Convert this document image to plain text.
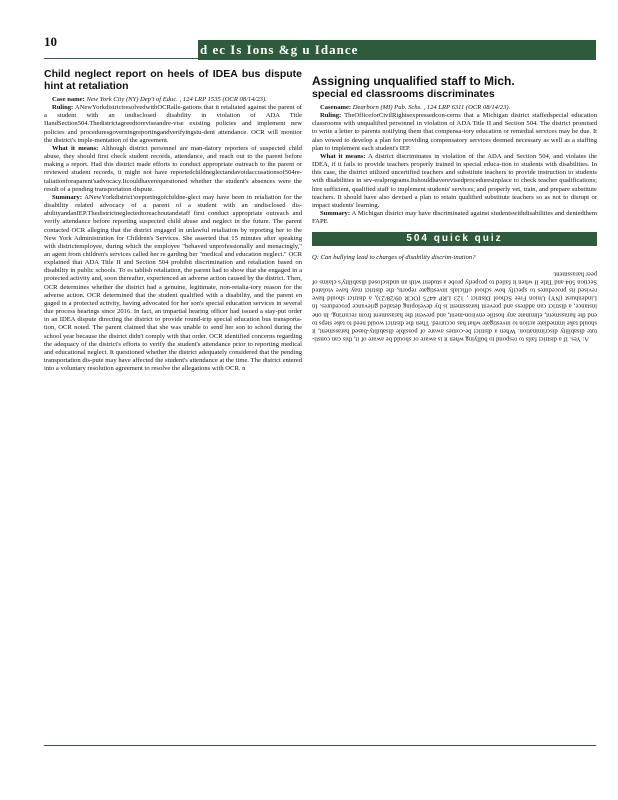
10
d ec Is Ions &g u Idance
Child neglect report on heels of IDEA bus dispute hint at retaliation

Case name: New York City (NY) Dep't of Educ. , 124 LRP 1535 (OCR 08/14/23).

Ruling: ANewYorkdistrictresolvedwithOCRalle-gations that it retaliated against the parent of a student with an undisclosed disability in violation of ADA Title IIandSection504.Thedistrictagreedtoreviseandre-vise existing policies and implement new policies and proceduresgoverningreportingandverifyingstu-dent attendance. OCR will monitor the district's imple-mentation of the agreement.

What it means: Although district personnel are man-datory reporters of suspected child abuse, they should first check student records, attendance, and reach out to the parent before making a report. Had this district made efforts to conduct appropriate outreach to the parent or reviewed student records, it might not have reportedchildneglectandavoidaccusationsof504re-taliationforaparent'sadvocacy.Itcouldhaverequestioned whether the student's absences were the result of a pending transportation dispute.

Summary: ANewYorkdistrict'sreportingofchildne-glect may have been in retaliation for the disability related advocacy of a parent of a student with an undisclosed dis-abilityandanIEP.Thedistrictneglectedtoreachoutandstaff first conduct appropriate outreach and verify attendance before reporting suspected child abuse and neglect in the future. The parent contacted OCR alleging that the district engaged in unlawful retaliation by reporting her to the New York Administration for Children's Services. She asserted that 15 minutes after speaking with districtemployee, during which the employee "behaved unprofessionally and menacingly," an agent from children's services called her re garding her "medical and education neglect." OCR explained that ADA Title II and Section 504 prohibit discrimination and retaliation based on disability in public schools. To es tablish retaliation, the parent had to show that she engaged in a protected activity and, soon thereafter, experienced an adverse action caused by the district. Then, OCR determines whether the district had a genuine, legitimate, non-retalia-tory reason for the adverse action. OCR determined that the student qualified with a disability, and the parent en gaged in a protected activity, having advocated for her son's special education services in several due process hearings since 2016. In fact, an impartial hearing officer had issued a stay-put order in an IDEA dispute directing the district to provide round-trip special education bus transporta-tion, OCR noted. The parent claimed that she was unable to send her son to school during the school year because the district didn't comply with that order. OCR identified concerns regarding the adequacy of the district's efforts to verify the student's attendance prior to reporting medical and educational neglect. It questioned whether the district adequately considered that the pending transportation dis-pute may have affected the student's attendance at the time. The district entered into a voluntary resolution agreement to resolve the allegations with OCR. n

Assigning unqualified staff to Mich.
special ed classrooms discriminates

Casename: Dearborn (MI) Pub. Schs. , 124 LRP 6311 (OCR 08/14/23).

Ruling: TheOfficeforCivilRightsexpressedcon-cerns that a Michigan district staffedspecial education classrooms with unqualified personnel in violation of ADA Title II and Section 504. The district promised to write a letter to parents notifying them that compensa-tory education or remedial services may be due. It also vowed to develop a plan for providing compensatory services deemed necessary as well as a staffing plan to implement each student's IEP.

What it means: A district discriminates in violation of the ADA and Section 504, and violates the IDEA, if it fails to provide teachers properly trained in special educa-tion to students with disabilities. In this case, the district utilized uncertified teachers and substitute teachers to provide instruction to students with disabilities in sev-eralprograms.Itshouldhaverevisedproceduresinplace to check teacher qualifications; hire sufficient, qualified staff to implement students' services; and properly vet, train, and prepare substitute teachers. It should have also devised a plan to retain qualified substitute teachers so as not to disrupt or impact students' learning.

Summary: A Michigan district may have discriminated against studentswithdisabilities and deniedthem FAPE

504 quick quiz

Q: Can bullying lead to charges of disability discrim-ination?

A: Yes. If a district fails to respond to bullying when it is aware or should be aware of it, this can consti-tute disability discrimination. When a district be-comes aware of possible disability-based harassment, it should take immediate action to investigate what has occurred. Then the district would need to take steps to end the harassment, eliminate any hostile environ-ment, and prevent the harassment from recurring. In one instance, a district can address and prevent harassment is by developing detailed grievance procedures. In Lindenhurst (NY) Union Free School District , 123 LRP 4475 (OCR 09/28/23), a district should have revised its procedures to specify how school officials investigate reports, the district may have violated Section 504 and Title II when it failed to properly probe a student with an undisclosed disability's claims of peer harassment.
